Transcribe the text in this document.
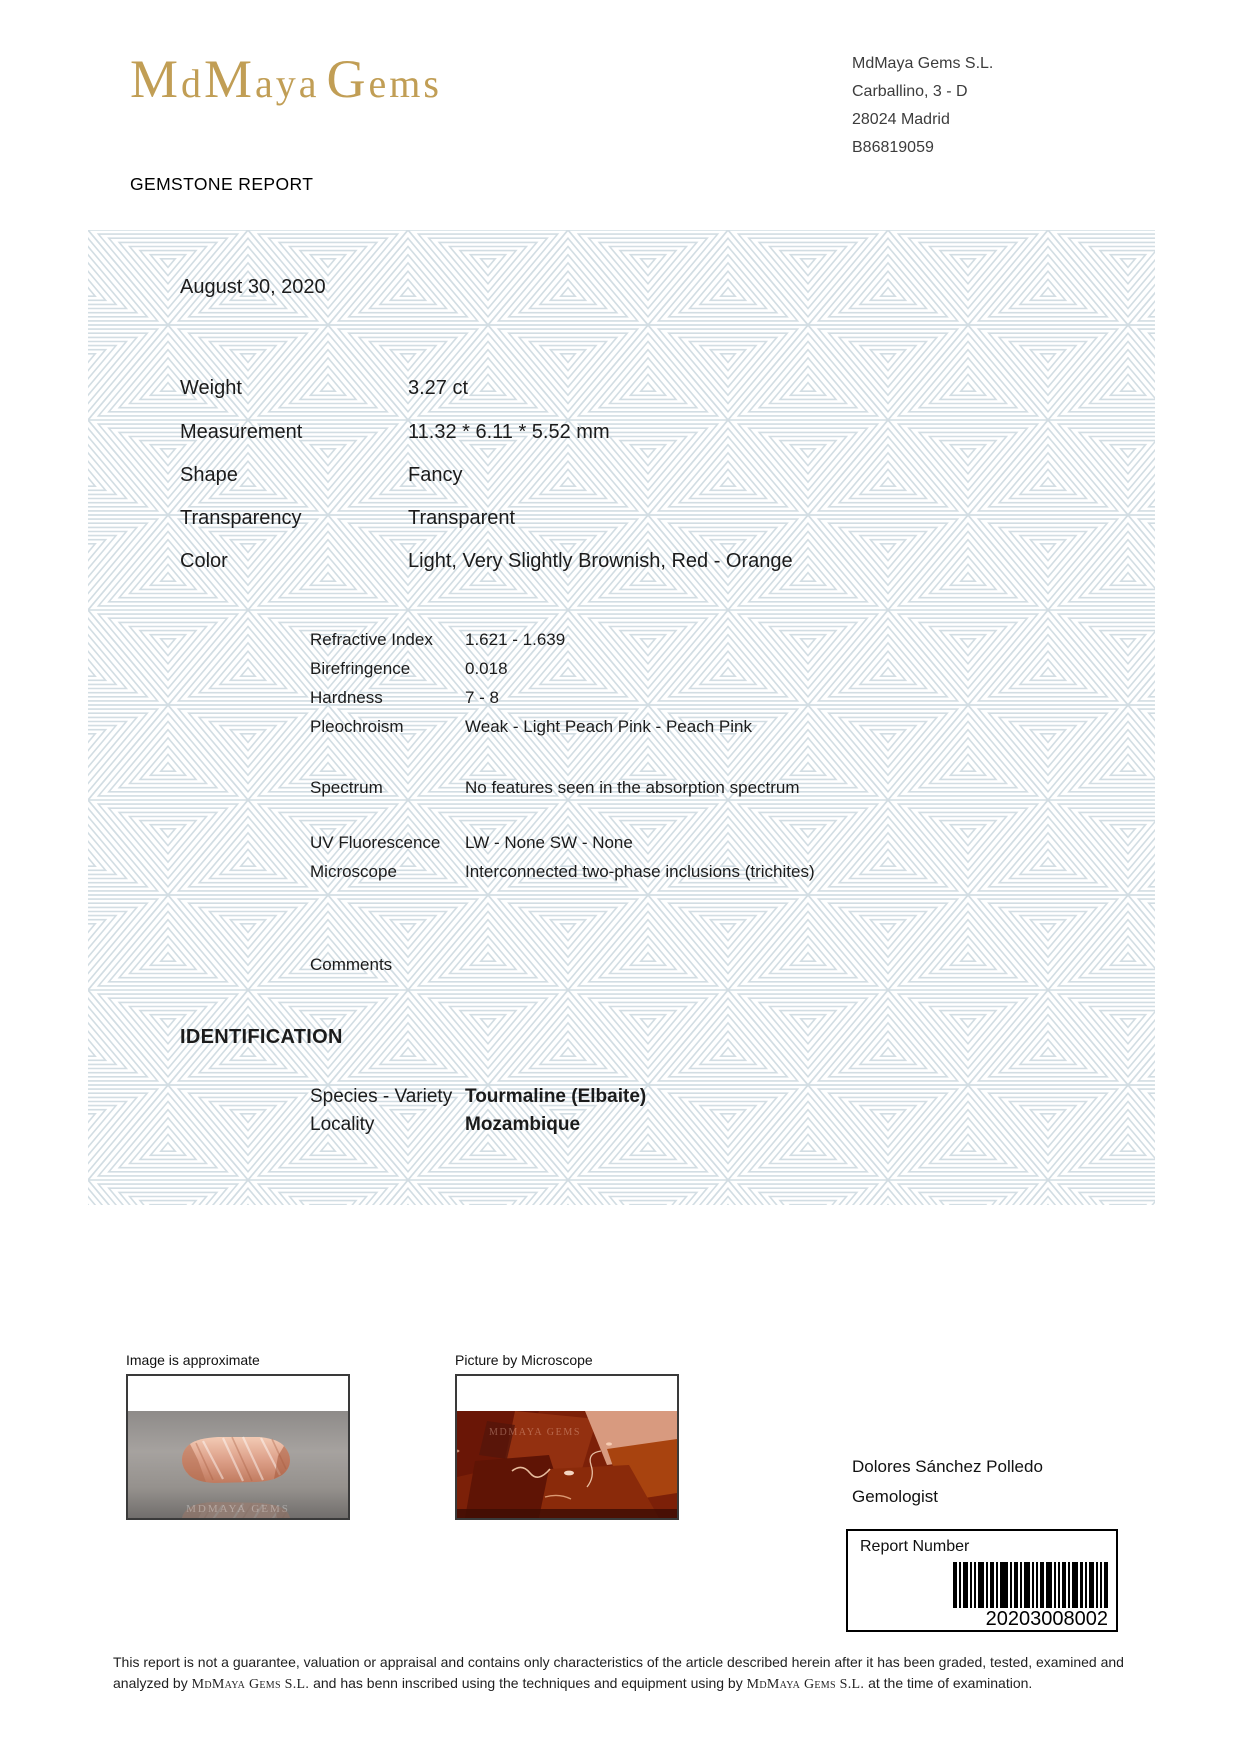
MdMaya Gems	MdMaya Gems S.L.
Carballino, 3 - D
28024 Madrid
B86819059
GEMSTONE REPORT
August 30, 2020
Weight	3.27 ct
Measurement	11.32 * 6.11 * 5.52 mm
Shape	Fancy
Transparency	Transparent
Color	Light, Very Slightly Brownish, Red - Orange
Refractive Index 1.621 - 1.639
Birefringence	0.018
Hardness	7 - 8
Pleochroism	Weak - Light Peach Pink - Peach Pink
Spectrum	No features seen in the absorption spectrum
UV Fluorescence LW - None SW - None
Microscope	Interconnected two-phase inclusions (trichites)
Comments
IDENTIFICATION
Species - Variety Tourmaline (Elbaite)
Locality	Mozambique
Image is approximate
MDMAYA GEMS
Picture by Microscope
MDMAYA GEMS
Dolores Sánchez Polledo
Gemologist
Report Number
20203008002
This report is not a guarantee, valuation or appraisal and contains only characteristics of the article described herein after it has been graded, tested, examined and analyzed by MdMaya Gems S.L. and has benn inscribed using the techniques and equipment using by MdMaya Gems S.L. at the time of examination.
